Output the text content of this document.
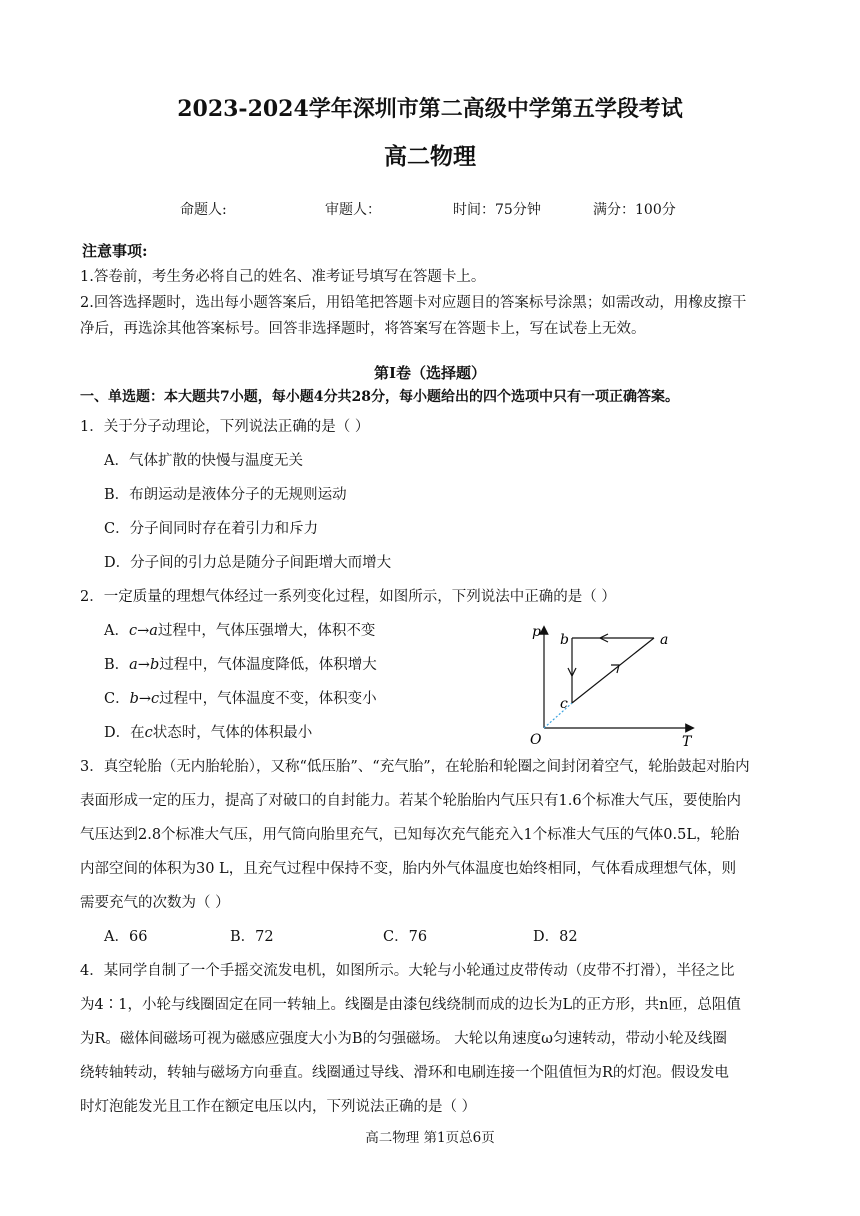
2023-2024学年深圳市第二高级中学第五学段考试
高二物理
命题人:	审题人：	时间：75分钟	满分：100分
注意事项:
1.答卷前，考生务必将自己的姓名、准考证号填写在答题卡上。
2.回答选择题时，选出每小题答案后，用铅笔把答题卡对应题目的答案标号涂黑；如需改动，用橡皮擦干
净后，再选涂其他答案标号。回答非选择题时，将答案写在答题卡上，写在试卷上无效。
第Ⅰ卷（选择题）
一、单选题：本大题共7小题，每小题4分共28分，每小题给出的四个选项中只有一项正确答案。
1．关于分子动理论，下列说法正确的是（ ）
A．气体扩散的快慢与温度无关
B．布朗运动是液体分子的无规则运动
C．分子间同时存在着引力和斥力
D．分子间的引力总是随分子间距增大而增大
2．一定质量的理想气体经过一系列变化过程，如图所示，下列说法中正确的是（ ）
A．c→a过程中，气体压强增大，体积不变
B．a→b过程中，气体温度降低，体积增大
C．b→c过程中，气体温度不变，体积变小
D．在c状态时，气体的体积最小
p
T
O
b	a
c
3．真空轮胎（无内胎轮胎），又称“低压胎”、“充气胎”，在轮胎和轮圈之间封闭着空气，轮胎鼓起对胎内
表面形成一定的压力，提高了对破口的自封能力。若某个轮胎胎内气压只有1.6个标准大气压，要使胎内
气压达到2.8个标准大气压，用气筒向胎里充气，已知每次充气能充入1个标准大气压的气体0.5L，轮胎
内部空间的体积为30 L，且充气过程中保持不变，胎内外气体温度也始终相同，气体看成理想气体，则
需要充气的次数为（ ）
A．66	B．72	C．76	D．82
4．某同学自制了一个手摇交流发电机，如图所示。大轮与小轮通过皮带传动（皮带不打滑），半径之比
为4∶1，小轮与线圈固定在同一转轴上。线圈是由漆包线绕制而成的边长为L的正方形，共n匝，总阻值
为R。磁体间磁场可视为磁感应强度大小为B的匀强磁场。 大轮以角速度ω匀速转动，带动小轮及线圈
绕转轴转动，转轴与磁场方向垂直。线圈通过导线、滑环和电刷连接一个阻值恒为R的灯泡。假设发电
时灯泡能发光且工作在额定电压以内，下列说法正确的是（ ）
高二物理 第1页总6页
